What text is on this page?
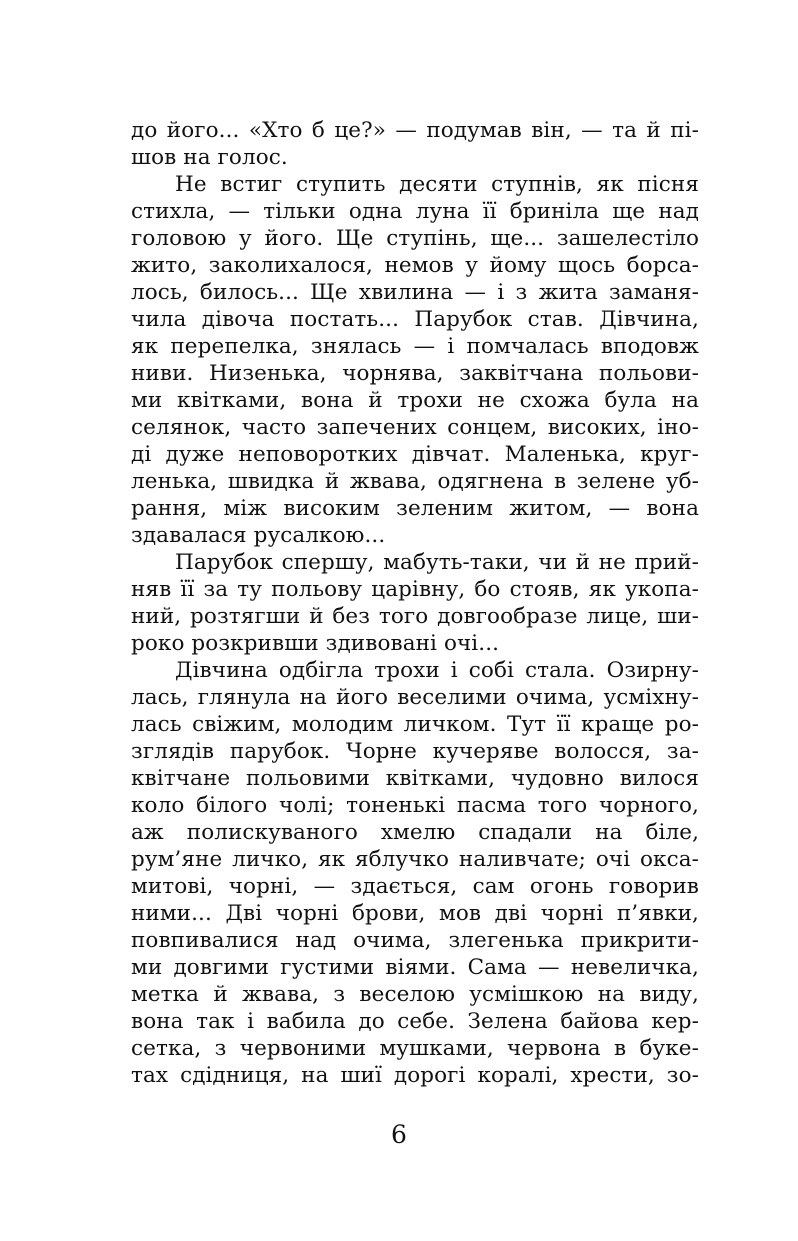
до його... «Хто б це?» — подумав він, — та й пі-
шов на голос.
Не встиг ступить десяти ступнів, як пісня
стихла, — тільки одна луна її бриніла ще над
головою у його. Ще ступінь, ще... зашелестіло
жито, заколихалося, немов у йому щось борса-
лось, билось... Ще хвилина — і з жита заманя-
чила дівоча постать... Парубок став. Дівчина,
як перепелка, знялась — і помчалась вподовж
ниви. Низенька, чорнява, заквітчана польови-
ми квітками, вона й трохи не схожа була на
селянок, часто запечених сонцем, високих, іно-
ді дуже неповоротких дівчат. Маленька, круг-
ленька, швидка й жвава, одягнена в зелене уб-
рання, між високим зеленим житом, — вона
здавалася русалкою...
Парубок спершу, мабуть-таки, чи й не прий-
няв її за ту польову царівну, бо стояв, як укопа-
ний, розтягши й без того довгообразе лице, ши-
роко розкривши здивовані очі...
Дівчина одбігла трохи і собі стала. Озирну-
лась, глянула на його веселими очима, усміхну-
лась свіжим, молодим личком. Тут її краще ро-
зглядів парубок. Чорне кучеряве волосся, за-
квітчане польовими квітками, чудовно вилося
коло білого чолі; тоненькі пасма того чорного,
аж полискуваного хмелю спадали на біле,
рум’яне личко, як яблучко наливчате; очі окса-
митові, чорні, — здається, сам огонь говорив
ними... Дві чорні брови, мов дві чорні п’явки,
повпивалися над очима, злегенька прикрити-
ми довгими густими віями. Сама — невеличка,
метка й жвава, з веселою усмішкою на виду,
вона так і вабила до себе. Зелена байова кер-
сетка, з червоними мушками, червона в буке-
тах сдідниця, на шиї дорогі коралі, хрести, зо-
6
